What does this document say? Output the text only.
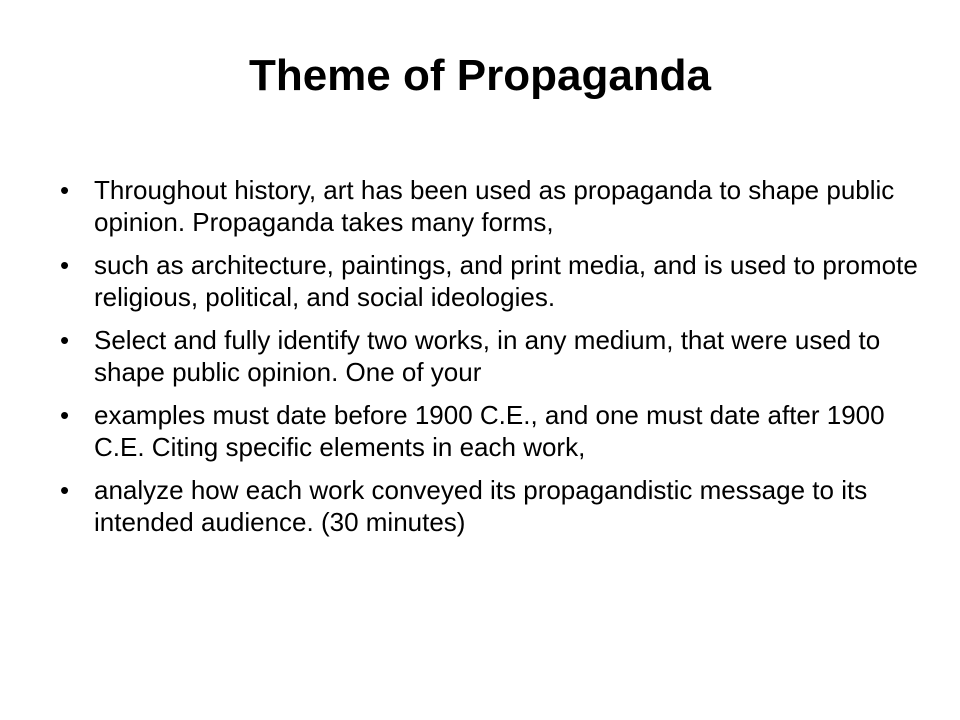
Theme of Propaganda
• Throughout history, art has been used as propaganda to shape public opinion. Propaganda takes many forms,
• such as architecture, paintings, and print media, and is used to promote religious, political, and social ideologies.
• Select and fully identify two works, in any medium, that were used to shape public opinion. One of your
• examples must date before 1900 C.E., and one must date after 1900 C.E. Citing specific elements in each work,
• analyze how each work conveyed its propagandistic message to its intended audience. (30 minutes)
